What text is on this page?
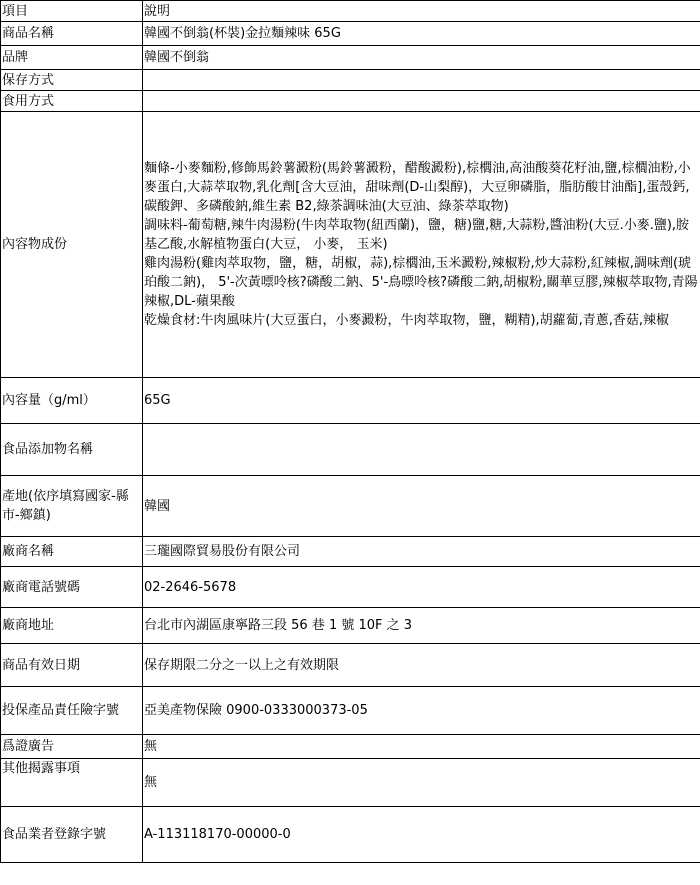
項目	說明
商品名稱	韓國不倒翁(杯裝)金拉麵辣味 65G
品牌	韓國不倒翁
保存方式	
食用方式	
內容物成份	麵條-小麥麵粉,修飾馬鈴薯澱粉(馬鈴薯澱粉，醋酸澱粉),棕櫚油,高油酸葵花籽油,鹽,棕櫚油粉,小麥蛋白,大蒜萃取物,乳化劑[含大豆油，甜味劑(D-山梨醇)，大豆卵磷脂，脂肪酸甘油酯],蛋殼鈣,碳酸鉀、多磷酸鈉,維生素 B2,綠茶調味油(大豆油、綠茶萃取物)

調味料-葡萄糖,辣牛肉湯粉(牛肉萃取物(紐西蘭)，鹽，糖)鹽,糖,大蒜粉,醬油粉(大豆.小麥.鹽),胺基乙酸,水解植物蛋白(大豆， 小麥， 玉米)

雞肉湯粉(雞肉萃取物，鹽，糖，胡椒，蒜),棕櫚油,玉米澱粉,辣椒粉,炒大蒜粉,紅辣椒,調味劑(琥珀酸二鈉)， 5'-次黃嘌呤核?磷酸二鈉、5'-鳥嘌呤核?磷酸二鈉,胡椒粉,關華豆膠,辣椒萃取物,青陽辣椒,DL-蘋果酸

乾燥食材:牛肉風味片(大豆蛋白，小麥澱粉，牛肉萃取物，鹽，糊精),胡蘿蔔,青蔥,香菇,辣椒

內容量（g/ml）	65G
食品添加物名稱	
產地(依序填寫國家-縣市-鄉鎮)	韓國
廠商名稱	三瓏國際貿易股份有限公司
廠商電話號碼	02-2646-5678
廠商地址	台北市內湖區康寧路三段 56 巷 1 號 10F 之 3
商品有效日期	保存期限二分之一以上之有效期限
投保產品責任險字號	亞美產物保險 0900-0333000373-05
爲證廣告	無
其他揭露事項	無
食品業者登錄字號	A-113118170-00000-0
